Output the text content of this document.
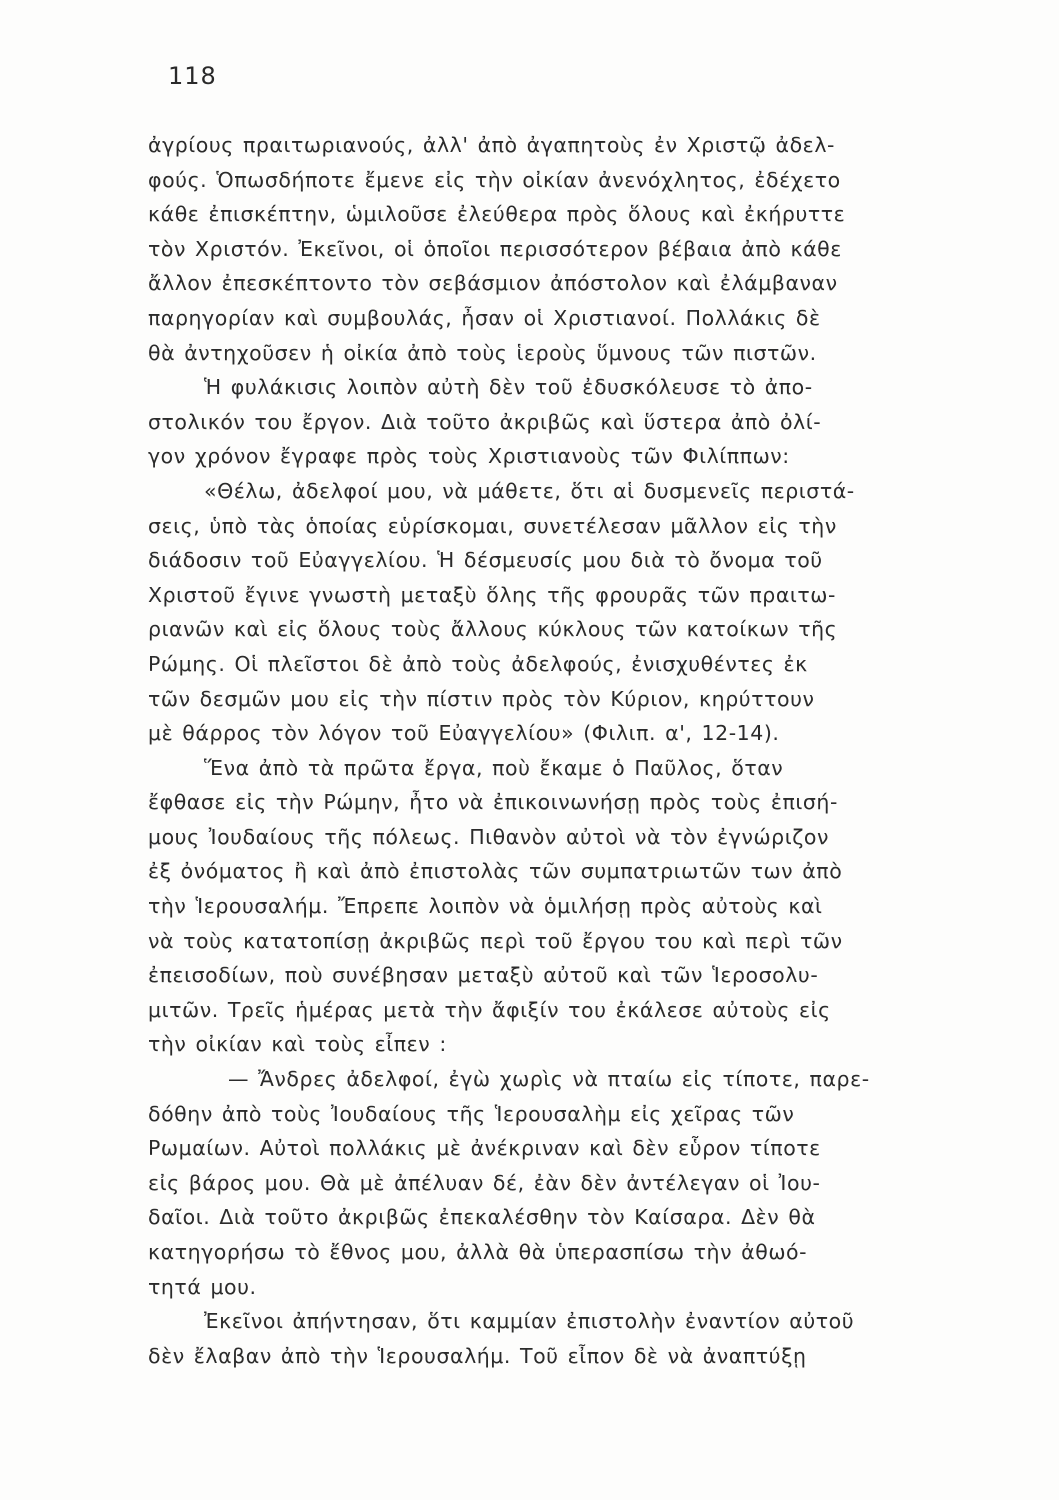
118
ἀγρίους πραιτωριανούς, ἀλλ' ἀπὸ ἀγαπητοὺς ἐν Χριστῷ ἀδελ-
φούς. Ὁπωσδήποτε ἔμενε εἰς τὴν οἰκίαν ἀνενόχλητος, ἐδέχετο
κάθε ἐπισκέπτην, ὡμιλοῦσε ἐλεύθερα πρὸς ὅλους καὶ ἐκήρυττε
τὸν Χριστόν. Ἐκεῖνοι, οἱ ὁποῖοι περισσότερον βέβαια ἀπὸ κάθε
ἄλλον ἐπεσκέπτοντο τὸν σεβάσμιον ἀπόστολον καὶ ἐλάμβαναν
παρηγορίαν καὶ συμβουλάς, ἦσαν οἱ Χριστιανοί. Πολλάκις δὲ
θὰ ἀντηχοῦσεν ἡ οἰκία ἀπὸ τοὺς ἱεροὺς ὕμνους τῶν πιστῶν.
Ἡ φυλάκισις λοιπὸν αὐτὴ δὲν τοῦ ἐδυσκόλευσε τὸ ἀπο-
στολικόν του ἔργον. Διὰ τοῦτο ἀκριβῶς καὶ ὕστερα ἀπὸ ὀλί-
γον χρόνον ἔγραφε πρὸς τοὺς Χριστιανοὺς τῶν Φιλίππων:
«Θέλω, ἀδελφοί μου, νὰ μάθετε, ὅτι αἱ δυσμενεῖς περιστά-
σεις, ὑπὸ τὰς ὁποίας εὑρίσκομαι, συνετέλεσαν μᾶλλον εἰς τὴν
διάδοσιν τοῦ Εὐαγγελίου. Ἡ δέσμευσίς μου διὰ τὸ ὄνομα τοῦ
Χριστοῦ ἔγινε γνωστὴ μεταξὺ ὅλης τῆς φρουρᾶς τῶν πραιτω-
ριανῶν καὶ εἰς ὅλους τοὺς ἄλλους κύκλους τῶν κατοίκων τῆς
Ρώμης. Οἱ πλεῖστοι δὲ ἀπὸ τοὺς ἀδελφούς, ἐνισχυθέντες ἐκ
τῶν δεσμῶν μου εἰς τὴν πίστιν πρὸς τὸν Κύριον, κηρύττουν
μὲ θάρρος τὸν λόγον τοῦ Εὐαγγελίου» (Φιλιπ. α', 12-14).
Ἕνα ἀπὸ τὰ πρῶτα ἔργα, ποὺ ἔκαμε ὁ Παῦλος, ὅταν
ἔφθασε εἰς τὴν Ρώμην, ἦτο νὰ ἐπικοινωνήσῃ πρὸς τοὺς ἐπισή-
μους Ἰουδαίους τῆς πόλεως. Πιθανὸν αὐτοὶ νὰ τὸν ἐγνώριζον
ἐξ ὀνόματος ἢ καὶ ἀπὸ ἐπιστολὰς τῶν συμπατριωτῶν των ἀπὸ
τὴν Ἱερουσαλήμ. Ἔπρεπε λοιπὸν νὰ ὁμιλήσῃ πρὸς αὐτοὺς καὶ
νὰ τοὺς κατατοπίσῃ ἀκριβῶς περὶ τοῦ ἔργου του καὶ περὶ τῶν
ἐπεισοδίων, ποὺ συνέβησαν μεταξὺ αὐτοῦ καὶ τῶν Ἱεροσολυ-
μιτῶν. Τρεῖς ἡμέρας μετὰ τὴν ἄφιξίν του ἐκάλεσε αὐτοὺς εἰς
τὴν οἰκίαν καὶ τοὺς εἶπεν :
— Ἄνδρες ἀδελφοί, ἐγὼ χωρὶς νὰ πταίω εἰς τίποτε, παρε-
δόθην ἀπὸ τοὺς Ἰουδαίους τῆς Ἱερουσαλὴμ εἰς χεῖρας τῶν
Ρωμαίων. Αὐτοὶ πολλάκις μὲ ἀνέκριναν καὶ δὲν εὗρον τίποτε
εἰς βάρος μου. Θὰ μὲ ἀπέλυαν δέ, ἐὰν δὲν ἀντέλεγαν οἱ Ἰου-
δαῖοι. Διὰ τοῦτο ἀκριβῶς ἐπεκαλέσθην τὸν Καίσαρα. Δὲν θὰ
κατηγορήσω τὸ ἔθνος μου, ἀλλὰ θὰ ὑπερασπίσω τὴν ἀθωό-
τητά μου.
Ἐκεῖνοι ἀπήντησαν, ὅτι καμμίαν ἐπιστολὴν ἐναντίον αὐτοῦ
δὲν ἔλαβαν ἀπὸ τὴν Ἱερουσαλήμ. Τοῦ εἶπον δὲ νὰ ἀναπτύξῃ
